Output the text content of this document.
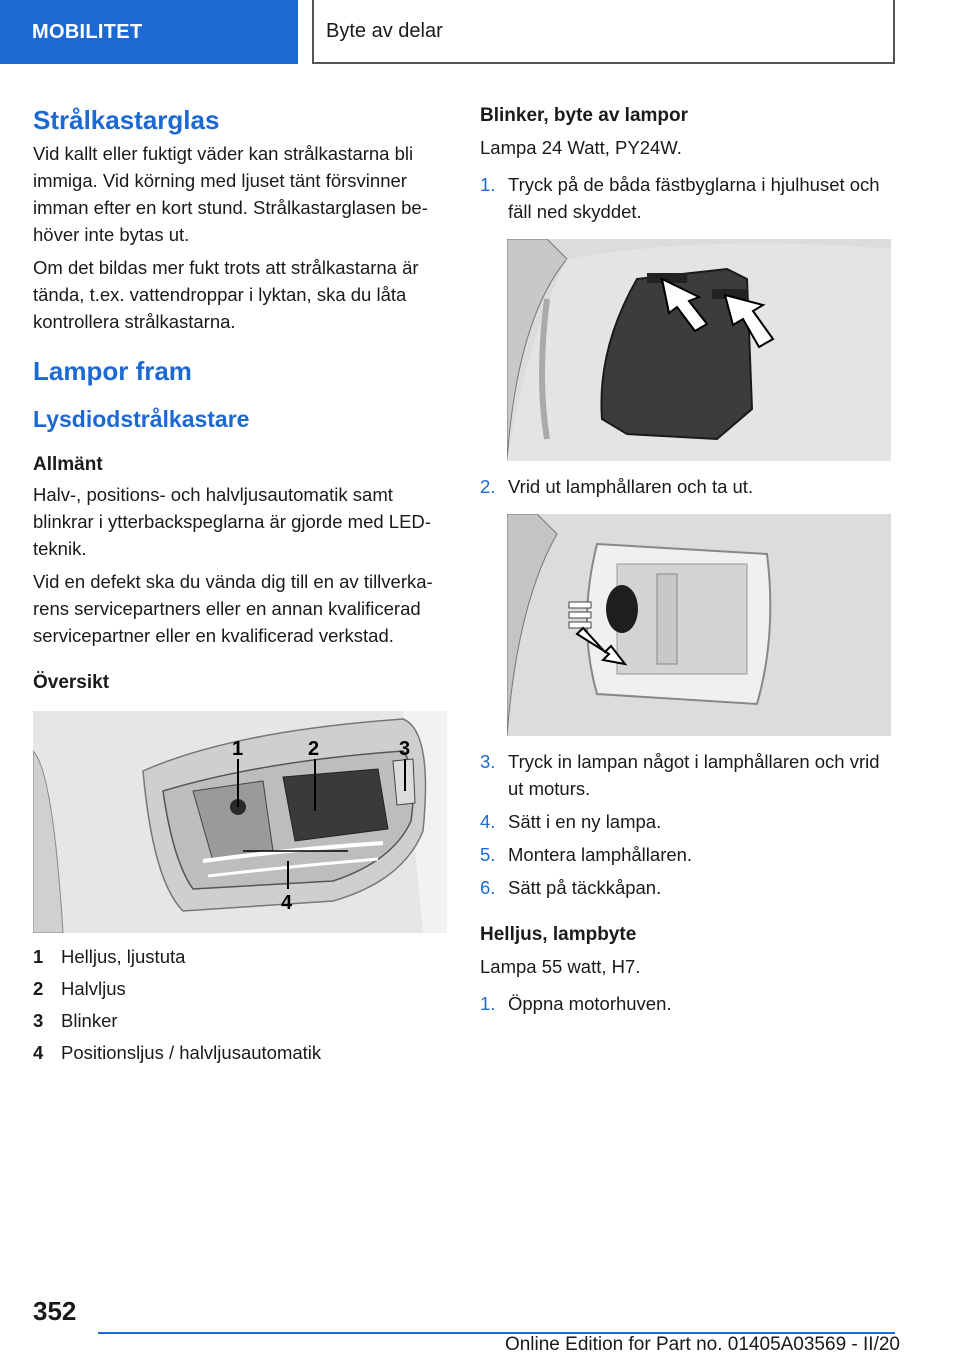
MOBILITET	Byte av delar
Strålkastarglas

Vid kallt eller fuktigt väder kan strålkastarna bli immiga. Vid körning med ljuset tänt försvinner imman efter en kort stund. Strålkastarglasen be-höver inte bytas ut.

Om det bildas mer fukt trots att strålkastarna är tända, t.ex. vattendroppar i lyktan, ska du låta kontrollera strålkastarna.

Lampor fram
Lysdiodstrålkastare
Allmänt

Halv-, positions- och halvljusautomatik samt blinkrar i ytterbackspeglarna är gjorde med LED-teknik.

Vid en defekt ska du vända dig till en av tillverka-rens servicepartners eller en annan kvalificerad servicepartner eller en kvalificerad verkstad.

Översikt
1	2	3
4
1 Helljus, ljustuta
2 Halvljus
3 Blinker
4 Positionsljus / halvljusautomatik
Blinker, byte av lampor

Lampa 24 Watt, PY24W.

1. Tryck på de båda fästbyglarna i hjulhuset och fäll ned skyddet.
2. Vrid ut lamphållaren och ta ut.
3. Tryck in lampan något i lamphållaren och vrid ut moturs.
4. Sätt i en ny lampa.
5. Montera lamphållaren.
6. Sätt på täckkåpan.
Helljus, lampbyte

Lampa 55 watt, H7.

1. Öppna motorhuven.
352
Online Edition for Part no. 01405A03569 - II/20
